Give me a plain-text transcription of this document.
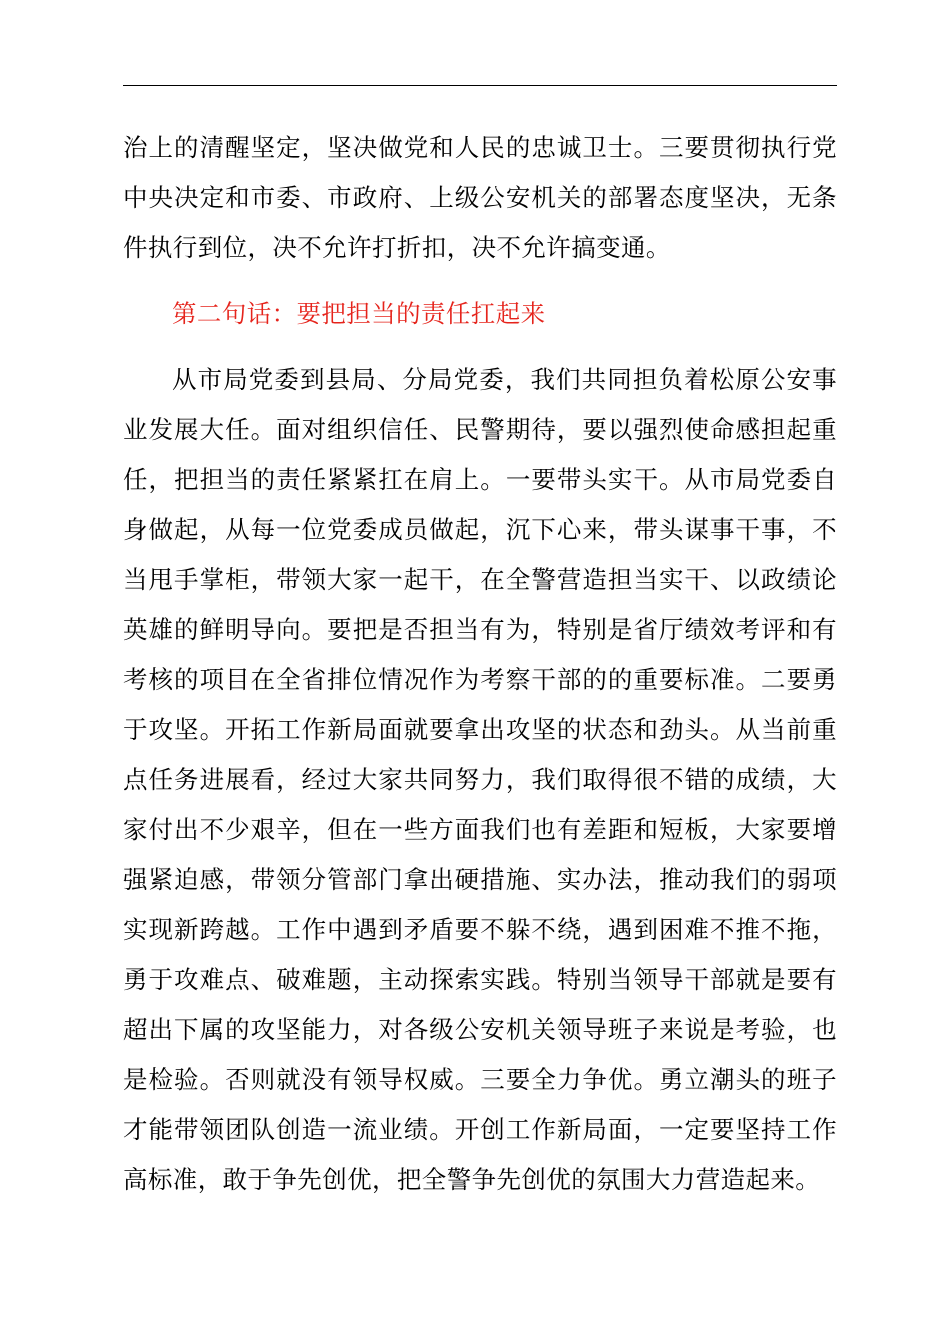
治上的清醒坚定，坚决做党和人民的忠诚卫士。三要贯彻执行党中央决定和市委、市政府、上级公安机关的部署态度坚决，无条件执行到位，决不允许打折扣，决不允许搞变通。

第二句话：要把担当的责任扛起来

从市局党委到县局、分局党委，我们共同担负着松原公安事业发展大任。面对组织信任、民警期待，要以强烈使命感担起重任，把担当的责任紧紧扛在肩上。一要带头实干。从市局党委自身做起，从每一位党委成员做起，沉下心来，带头谋事干事，不当甩手掌柜，带领大家一起干，在全警营造担当实干、以政绩论英雄的鲜明导向。要把是否担当有为，特别是省厅绩效考评和有考核的项目在全省排位情况作为考察干部的的重要标准。二要勇于攻坚。开拓工作新局面就要拿出攻坚的状态和劲头。从当前重点任务进展看，经过大家共同努力，我们取得很不错的成绩，大家付出不少艰辛，但在一些方面我们也有差距和短板，大家要增强紧迫感，带领分管部门拿出硬措施、实办法，推动我们的弱项实现新跨越。工作中遇到矛盾要不躲不绕，遇到困难不推不拖，勇于攻难点、破难题，主动探索实践。特别当领导干部就是要有超出下属的攻坚能力，对各级公安机关领导班子来说是考验，也是检验。否则就没有领导权威。三要全力争优。勇立潮头的班子才能带领团队创造一流业绩。开创工作新局面，一定要坚持工作高标准，敢于争先创优，把全警争先创优的氛围大力营造起来。
